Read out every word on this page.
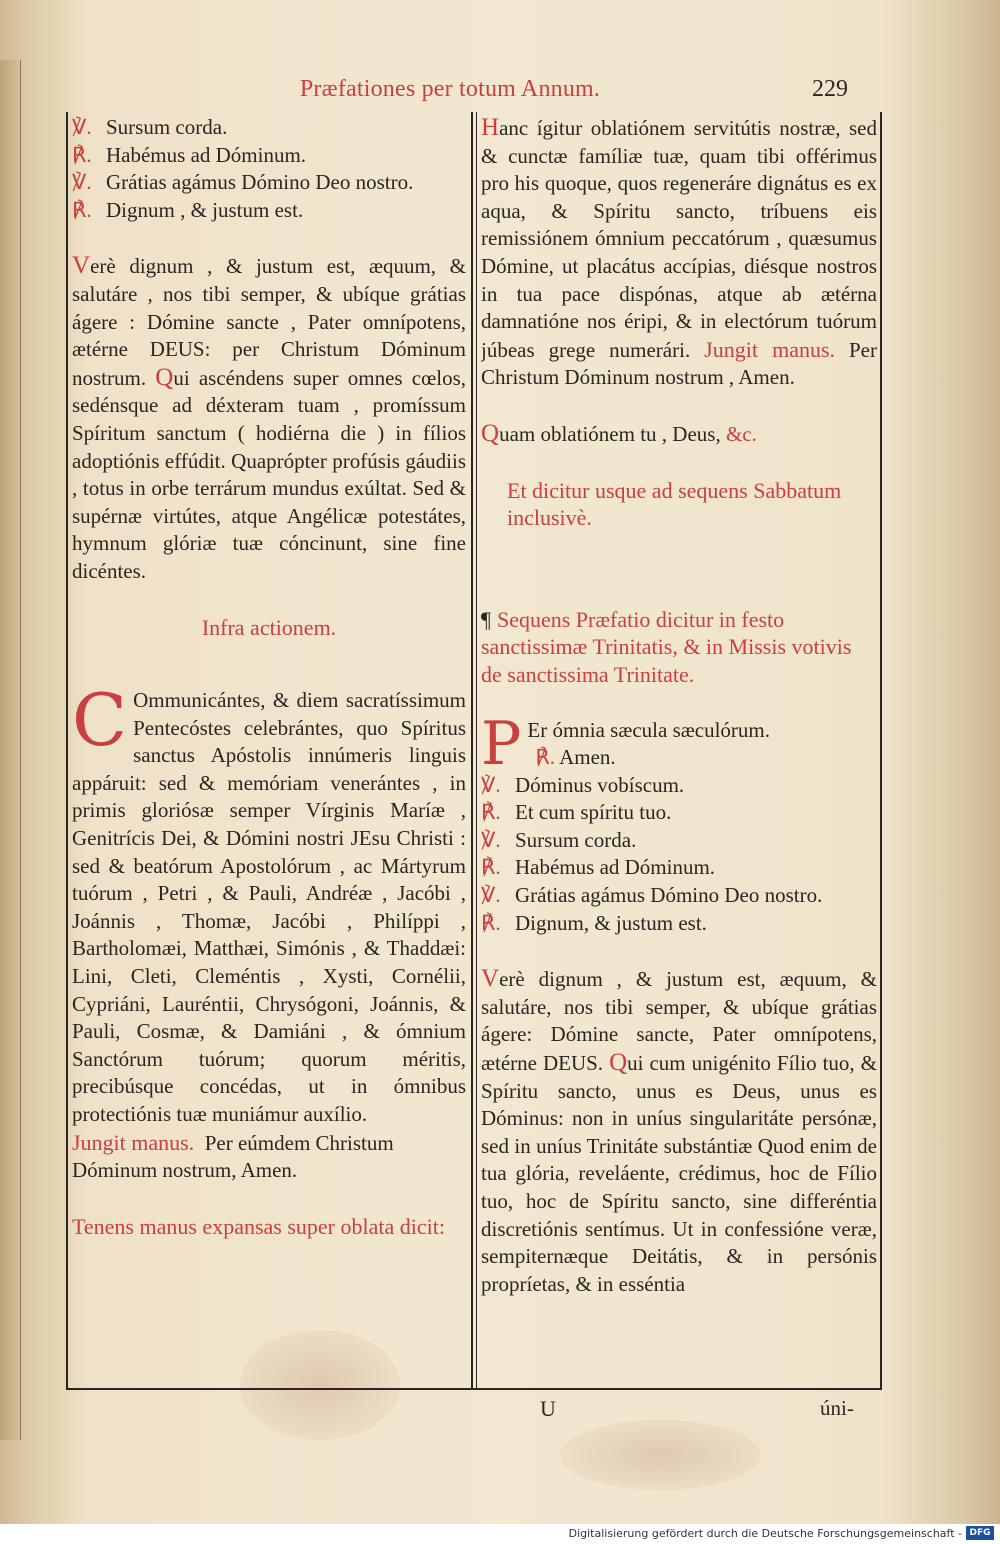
Præfationes per totum Annum.	229
℣. Sursum corda.
℟. Habémus ad Dóminum.
℣. Grátias agámus Dómino Deo nostro.
℟. Dignum , & justum est.

Verè dignum , & justum est, æquum, & salutáre , nos tibi semper, & ubíque grátias ágere : Dómine sancte , Pater omnípotens, ætérne DEUS: per Christum Dóminum nostrum. Qui ascéndens super omnes cœlos, sedénsque ad déxteram tuam , promíssum Spíritum sanctum ( hodiérna die ) in fílios adoptiónis effúdit. Quaprópter profúsis gáudiis , totus in orbe terrárum mundus exúltat. Sed & supérnæ virtútes, atque Angélicæ potestátes, hymnum glóriæ tuæ cóncinunt, sine fine dicéntes.

Infra actionem.

C Ommunicántes, & diem sacratíssimum Pentecóstes celebrántes, quo Spíritus sanctus Apóstolis innúmeris linguis appáruit: sed & memóriam venerántes , in primis gloriósæ semper Vírginis Maríæ , Genitrícis Dei, & Dómini nostri JEsu Christi : sed & beatórum Apostolórum , ac Mártyrum tuórum , Petri , & Pauli, Andréæ , Jacóbi , Joánnis , Thomæ, Jacóbi , Philíppi , Bartholomæi, Matthæi, Simónis , & Thaddæi: Lini, Cleti, Cleméntis , Xysti, Cornélii, Cypriáni, Lauréntii, Chrysógoni, Joánnis, & Pauli, Cosmæ, & Damiáni , & ómnium Sanctórum tuórum; quorum méritis, precibúsque concédas, ut in ómnibus protectiónis tuæ muniámur auxílio.

Jungit manus. Per eúmdem Christum Dóminum nostrum, Amen.

Tenens manus expansas super oblata dicit:

Hanc ígitur oblatiónem servitútis nostræ, sed & cunctæ famíliæ tuæ, quam tibi offérimus pro his quoque, quos regeneráre dignátus es ex aqua, & Spíritu sancto, tríbuens eis remissiónem ómnium peccatórum , quæsumus Dómine, ut placátus accípias, diésque nostros in tua pace dispónas, atque ab ætérna damnatióne nos éripi, & in electórum tuórum júbeas grege numerári. Jungit manus. Per Christum Dóminum nostrum , Amen.

Quam oblatiónem tu , Deus, &c.

Et dicitur usque ad sequens Sabbatum inclusivè.

¶ Sequens Præfatio dicitur in festo sanctissimæ Trinitatis, & in Missis votivis de sanctissima Trinitate.

P Er ómnia sæcula sæculórum.
℟. Amen.

℣. Dóminus vobíscum.
℟. Et cum spíritu tuo.
℣. Sursum corda.
℟. Habémus ad Dóminum.
℣. Grátias agámus Dómino Deo nostro.
℟. Dignum, & justum est.

Verè dignum , & justum est, æquum, & salutáre, nos tibi semper, & ubíque grátias ágere: Dómine sancte, Pater omnípotens, ætérne DEUS. Qui cum unigénito Fílio tuo, & Spíritu sancto, unus es Deus, unus es Dóminus: non in uníus singularitáte persónæ, sed in uníus Trinitáte substántiæ Quod enim de tua glória, reveláente, crédimus, hoc de Fílio tuo, hoc de Spíritu sancto, sine differéntia discretiónis sentímus. Ut in confessióne veræ, sempiternæque Deitátis, & in persónis propríetas, & in esséntia

U	úni-
Digitalisierung gefördert durch die Deutsche Forschungsgemeinschaft - DFG
